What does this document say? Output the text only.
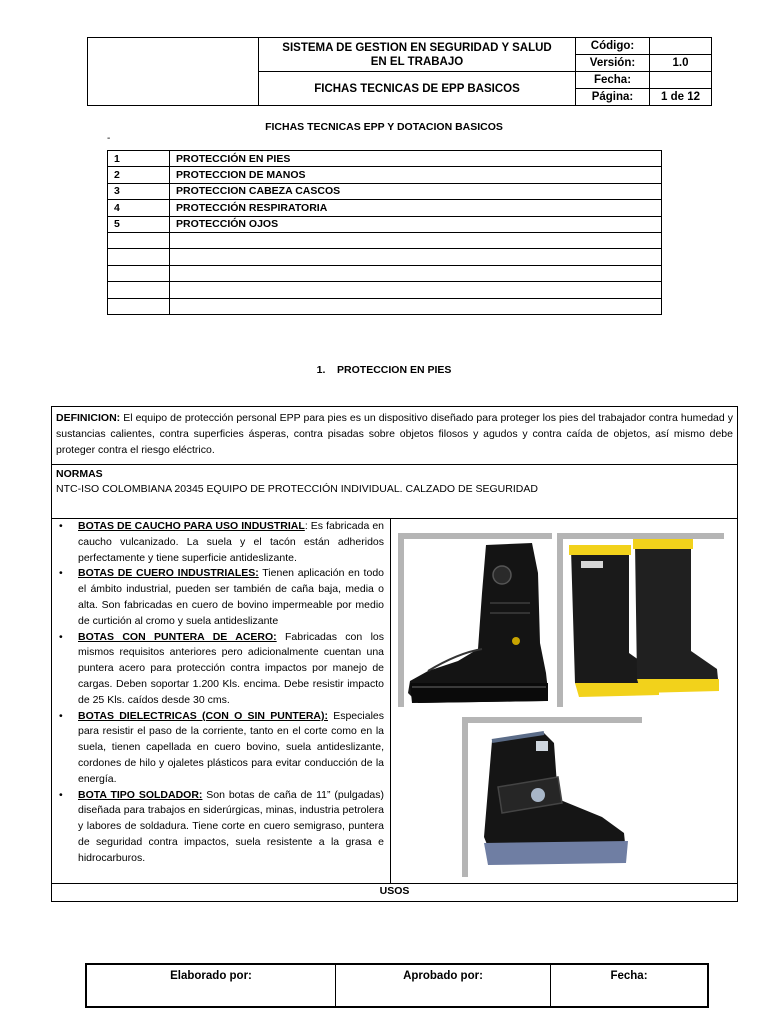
	SISTEMA DE GESTION EN SEGURIDAD Y SALUD EN EL TRABAJO	Código:	
		Versión:	1.0
	FICHAS TECNICAS DE EPP BASICOS	Fecha:	
		Página:	1 de 12
FICHAS TECNICAS EPP Y DOTACION BASICOS
-
1	PROTECCIÓN EN PIES
2	PROTECCION DE MANOS
3	PROTECCION CABEZA CASCOS
4	PROTECCIÓN RESPIRATORIA
5	PROTECCIÓN OJOS

1.    PROTECCION EN PIES
DEFINICION: El equipo de protección personal EPP para pies es un dispositivo diseñado para proteger los pies del trabajador contra humedad y sustancias calientes, contra superficies ásperas, contra pisadas sobre objetos filosos y agudos y contra caída de objetos, así mismo debe proteger contra el riesgo eléctrico.
NORMAS
NTC-ISO COLOMBIANA 20345 EQUIPO DE PROTECCIÓN INDIVIDUAL. CALZADO DE SEGURIDAD
• BOTAS DE CAUCHO PARA USO INDUSTRIAL: Es fabricada en caucho vulcanizado. La suela y el tacón están adheridos perfectamente y tiene superficie antideslizante.
• BOTAS DE CUERO INDUSTRIALES: Tienen aplicación en todo el ámbito industrial, pueden ser también de caña baja, media o alta. Son fabricadas en cuero de bovino impermeable por medio de curtición al cromo y suela antideslizante
• BOTAS CON PUNTERA DE ACERO: Fabricadas con los mismos requisitos anteriores pero adicionalmente cuentan una puntera acero para protección contra impactos por manejo de cargas. Deben soportar 1.200 Kls. encima. Debe resistir impacto de 25 Kls. caídos desde 30 cms.
• BOTAS DIELECTRICAS (CON O SIN PUNTERA): Especiales para resistir el paso de la corriente, tanto en el corte como en la suela, tienen capellada en cuero bovino, suela antideslizante, cordones de hilo y ojaletes plásticos para evitar conducción de la energía.
• BOTA TIPO SOLDADOR: Son botas de caña de 11” (pulgadas) diseñada para trabajos en siderúrgicas, minas, industria petrolera y labores de soldadura. Tiene corte en cuero semigraso, puntera de seguridad contra impactos, suela resistente a la grasa e hidrocarburos.
USOS
Elaborado por:	Aprobado por:	Fecha:
